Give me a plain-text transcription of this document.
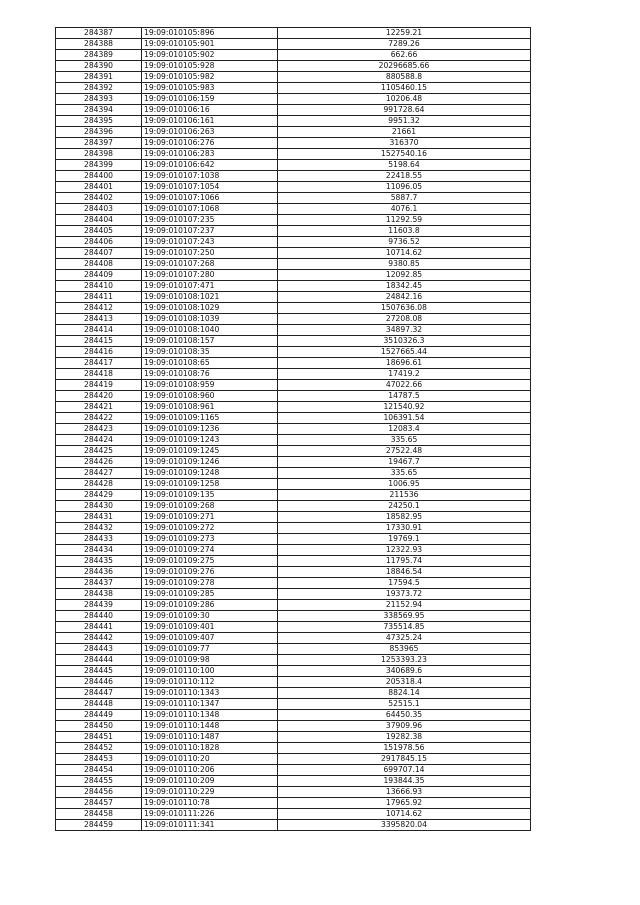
284387	19:09:010105:896	12259.21
284388	19:09:010105:901	7289.26
284389	19:09:010105:902	662.66
284390	19:09:010105:928	20296685.66
284391	19:09:010105:982	880588.8
284392	19:09:010105:983	1105460.15
284393	19:09:010106:159	10206.48
284394	19:09:010106:16	991728.64
284395	19:09:010106:161	9951.32
284396	19:09:010106:263	21661
284397	19:09:010106:276	316370
284398	19:09:010106:283	1527540.16
284399	19:09:010106:642	5198.64
284400	19:09:010107:1038	22418.55
284401	19:09:010107:1054	11096.05
284402	19:09:010107:1066	5887.7
284403	19:09:010107:1068	4076.1
284404	19:09:010107:235	11292.59
284405	19:09:010107:237	11603.8
284406	19:09:010107:243	9736.52
284407	19:09:010107:250	10714.62
284408	19:09:010107:268	9380.85
284409	19:09:010107:280	12092.85
284410	19:09:010107:471	18342.45
284411	19:09:010108:1021	24842.16
284412	19:09:010108:1029	1507636.08
284413	19:09:010108:1039	27208.08
284414	19:09:010108:1040	34897.32
284415	19:09:010108:157	3510326.3
284416	19:09:010108:35	1527665.44
284417	19:09:010108:65	18696.61
284418	19:09:010108:76	17419.2
284419	19:09:010108:959	47022.66
284420	19:09:010108:960	14787.5
284421	19:09:010108:961	121540.92
284422	19:09:010109:1165	106391.54
284423	19:09:010109:1236	12083.4
284424	19:09:010109:1243	335.65
284425	19:09:010109:1245	27522.48
284426	19:09:010109:1246	19467.7
284427	19:09:010109:1248	335.65
284428	19:09:010109:1258	1006.95
284429	19:09:010109:135	211536
284430	19:09:010109:268	24250.1
284431	19:09:010109:271	18582.95
284432	19:09:010109:272	17330.91
284433	19:09:010109:273	19769.1
284434	19:09:010109:274	12322.93
284435	19:09:010109:275	11795.74
284436	19:09:010109:276	18846.54
284437	19:09:010109:278	17594.5
284438	19:09:010109:285	19373.72
284439	19:09:010109:286	21152.94
284440	19:09:010109:30	338569.95
284441	19:09:010109:401	735514.85
284442	19:09:010109:407	47325.24
284443	19:09:010109:77	853965
284444	19:09:010109:98	1253393.23
284445	19:09:010110:100	340689.6
284446	19:09:010110:112	205318.4
284447	19:09:010110:1343	8824.14
284448	19:09:010110:1347	52515.1
284449	19:09:010110:1348	64450.35
284450	19:09:010110:1448	37909.96
284451	19:09:010110:1487	19282.38
284452	19:09:010110:1828	151978.56
284453	19:09:010110:20	2917845.15
284454	19:09:010110:206	699707.14
284455	19:09:010110:209	193844.35
284456	19:09:010110:229	13666.93
284457	19:09:010110:78	17965.92
284458	19:09:010111:226	10714.62
284459	19:09:010111:341	3395820.04
